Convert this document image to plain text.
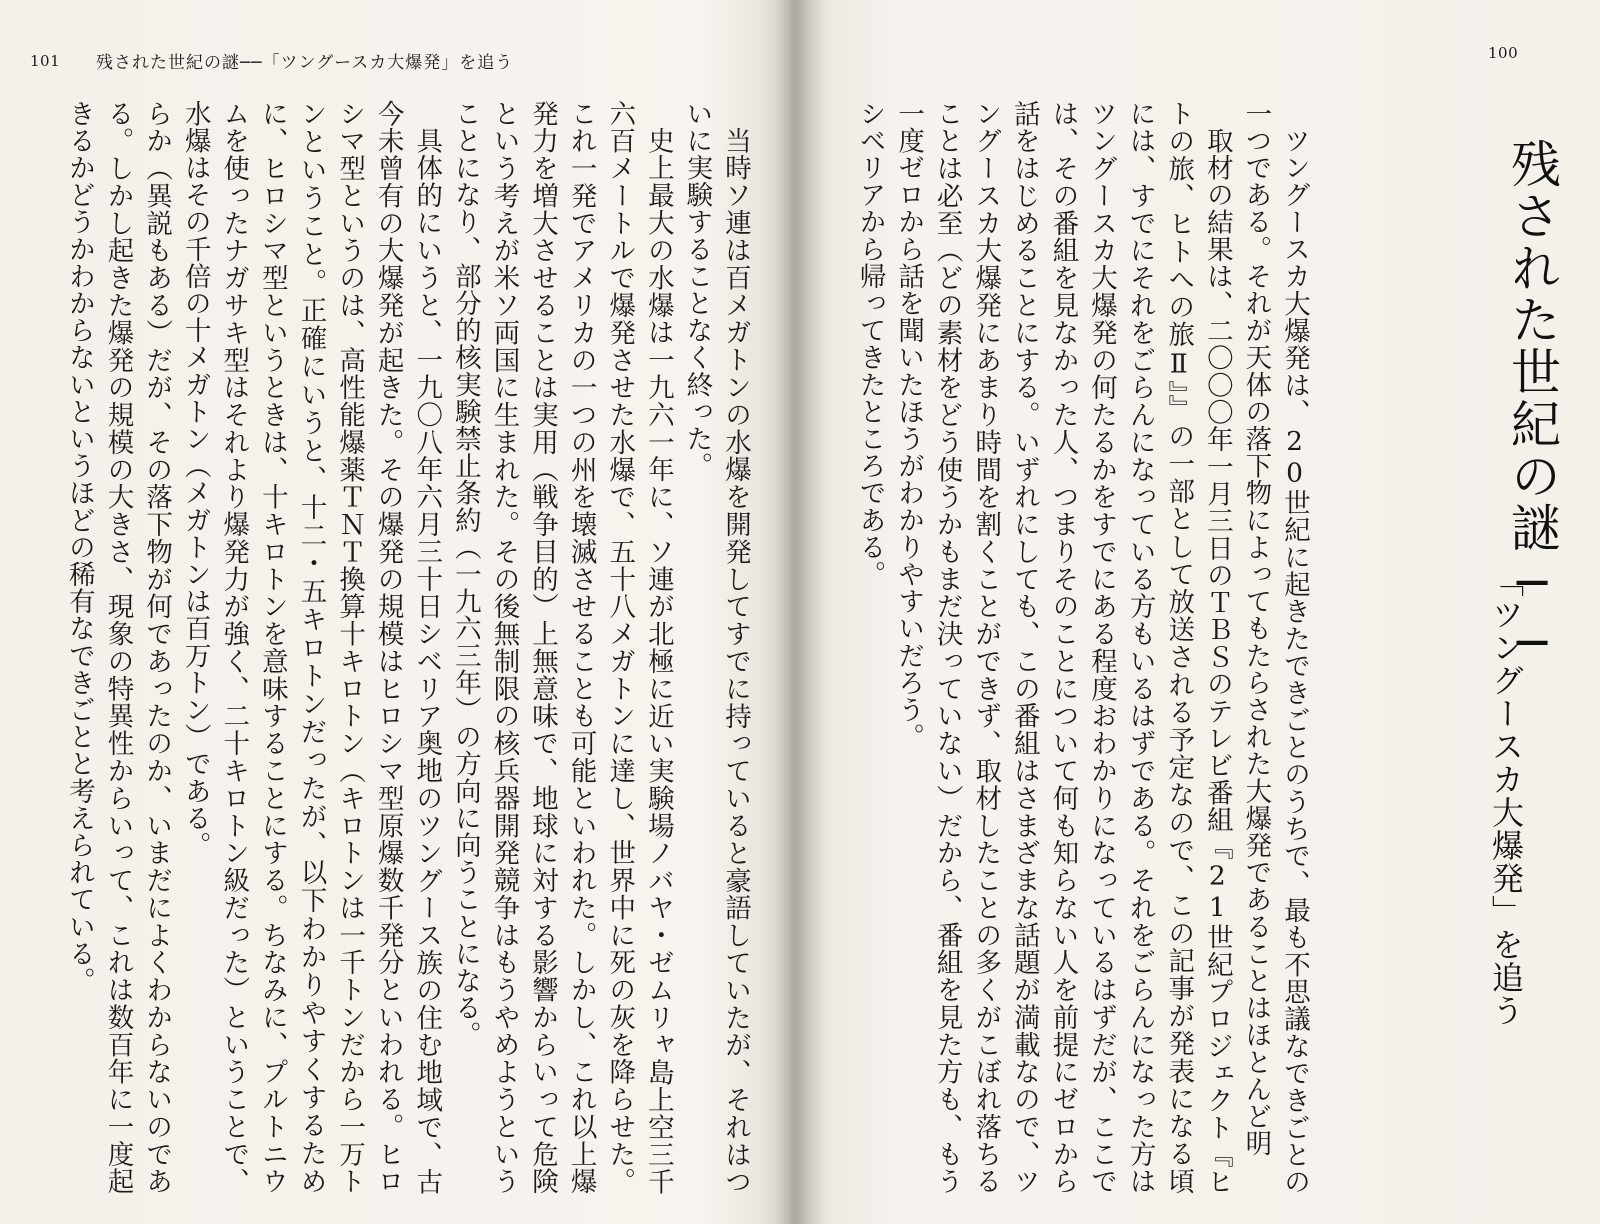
101 残された世紀の謎──「ツングースカ大爆発」を追う

当時ソ連は百メガトンの水爆を開発してすでに持っていると豪語していたが、それはついに実験することなく終った。

史上最大の水爆は一九六一年に、ソ連が北極に近い実験場ノバヤ・ゼムリャ島上空三千六百メートルで爆発させた水爆で、五十八メガトンに達し、世界中に死の灰を降らせた。これ一発でアメリカの一つの州を壊滅させることも可能といわれた。しかし、これ以上爆発力を増大させることは実用（戦争目的）上無意味で、地球に対する影響からいって危険という考えが米ソ両国に生まれた。その後無制限の核兵器開発競争はもうやめようということになり、部分的核実験禁止条約（一九六三年）の方向に向うことになる。

具体的にいうと、一九〇八年六月三十日シベリア奥地のツングース族の住む地域で、古今未曾有の大爆発が起きた。その爆発の規模はヒロシマ型原爆数千発分といわれる。ヒロシマ型というのは、高性能爆薬ＴＮＴ換算十キロトン（キロトンは一千トンだから一万トンということ。正確にいうと、十二・五キロトンだったが、以下わかりやすくするために、ヒロシマ型というときは、十キロトンを意味することにする。ちなみに、プルトニウムを使ったナガサキ型はそれより爆発力が強く、二十キロトン級だった）ということで、水爆はその千倍の十メガトン（メガトンは百万トン）である。

らか（異説もある）だが、その落下物が何であったのか、いまだによくわからないのである。しかし起きた爆発の規模の大きさ、現象の特異性からいって、これは数百年に一度起きるかどうかわからないというほどの稀有なできごとと考えられている。

100

ツングースカ大爆発は、20世紀に起きたできごとのうちで、最も不思議なできごとの一つである。それが天体の落下物によってもたらされた大爆発であることはほとんど明

取材の結果は、二〇〇〇年一月三日のＴＢＳのテレビ番組『21世紀プロジェクト『ヒトの旅、ヒトへの旅Ⅱ』』の一部として放送される予定なので、この記事が発表になる頃には、すでにそれをごらんになっている方もいるはずである。それをごらんになった方はツングースカ大爆発の何たるかをすでにある程度おわかりになっているはずだが、ここでは、その番組を見なかった人、つまりそのことについて何も知らない人を前提にゼロから話をはじめることにする。いずれにしても、この番組はさまざまな話題が満載なので、ツングースカ大爆発にあまり時間を割くことができず、取材したことの多くがこぼれ落ちることは必至（どの素材をどう使うかもまだ決っていない）だから、番組を見た方も、もう一度ゼロから話を聞いたほうがわかりやすいだろう。

シベリアから帰ってきたところである。	残された世紀の謎──
「ツングースカ大爆発」を追う
